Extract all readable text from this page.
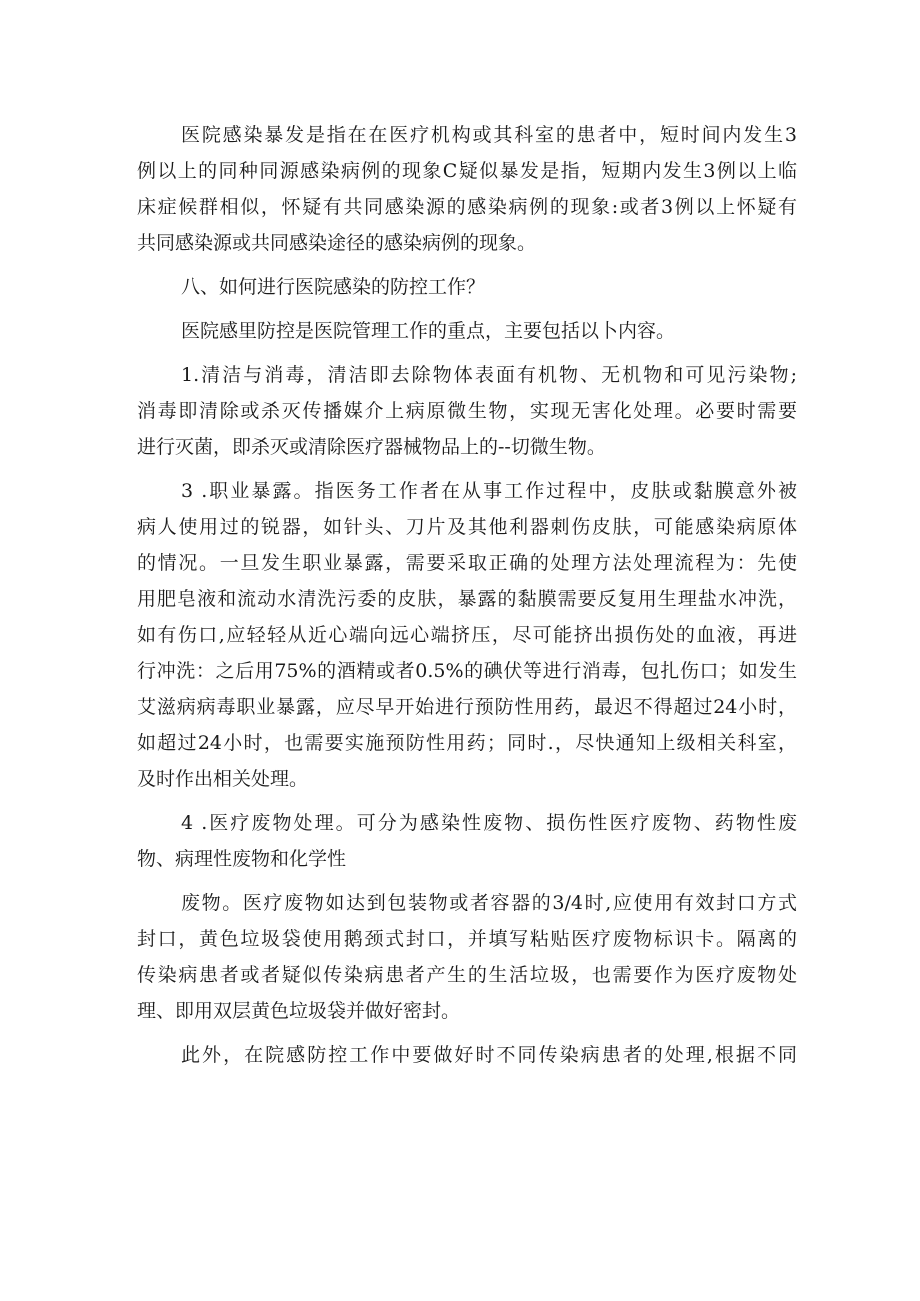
医院感染暴发是指在在医疗机构或其科室的患者中，短时间内发生3
例以上的同种同源感染病例的现象C疑似暴发是指，短期内发生3例以上临
床症候群相似，怀疑有共同感染源的感染病例的现象:或者3例以上怀疑有
共同感染源或共同感染途径的感染病例的现象。
八、如何进行医院感染的防控工作？
医院感里防控是医院管理工作的重点，主要包括以卜内容。
1.清洁与消毒，清洁即去除物体表面有机物、无机物和可见污染物;
消毒即清除或杀灭传播媒介上病原微生物，实现无害化处理。必要时需要
进行灭菌，即杀灭或清除医疗器械物品上的--切微生物。
3 .职业暴露。指医务工作者在从事工作过程中，皮肤或黏膜意外被
病人使用过的锐器，如针头、刀片及其他利器刺伤皮肤，可能感染病原体
的情况。一旦发生职业暴露，需要采取正确的处理方法处理流程为：先使
用肥皂液和流动水清洗污委的皮肤，暴露的黏膜需要反复用生理盐水冲洗，
如有伤口,应轻轻从近心端向远心端挤压，尽可能挤出损伤处的血液，再进
行冲洗：之后用75%的酒精或者0.5%的碘伏等进行消毒，包扎伤口；如发生
艾滋病病毒职业暴露，应尽早开始进行预防性用药，最迟不得超过24小时，
如超过24小时，也需要实施预防性用药；同时.，尽快通知上级相关科室，
及时作出相关处理。
4 .医疗废物处理。可分为感染性废物、损伤性医疗废物、药物性废
物、病理性废物和化学性
废物。医疗废物如达到包装物或者容器的3/4时,应使用有效封口方式
封口，黄色垃圾袋使用鹅颈式封口，并填写粘贴医疗废物标识卡。隔离的
传染病患者或者疑似传染病患者产生的生活垃圾，也需要作为医疗废物处
理、即用双层黄色垃圾袋并做好密封。
此外，在院感防控工作中要做好时不同传染病患者的处理,根据不同
